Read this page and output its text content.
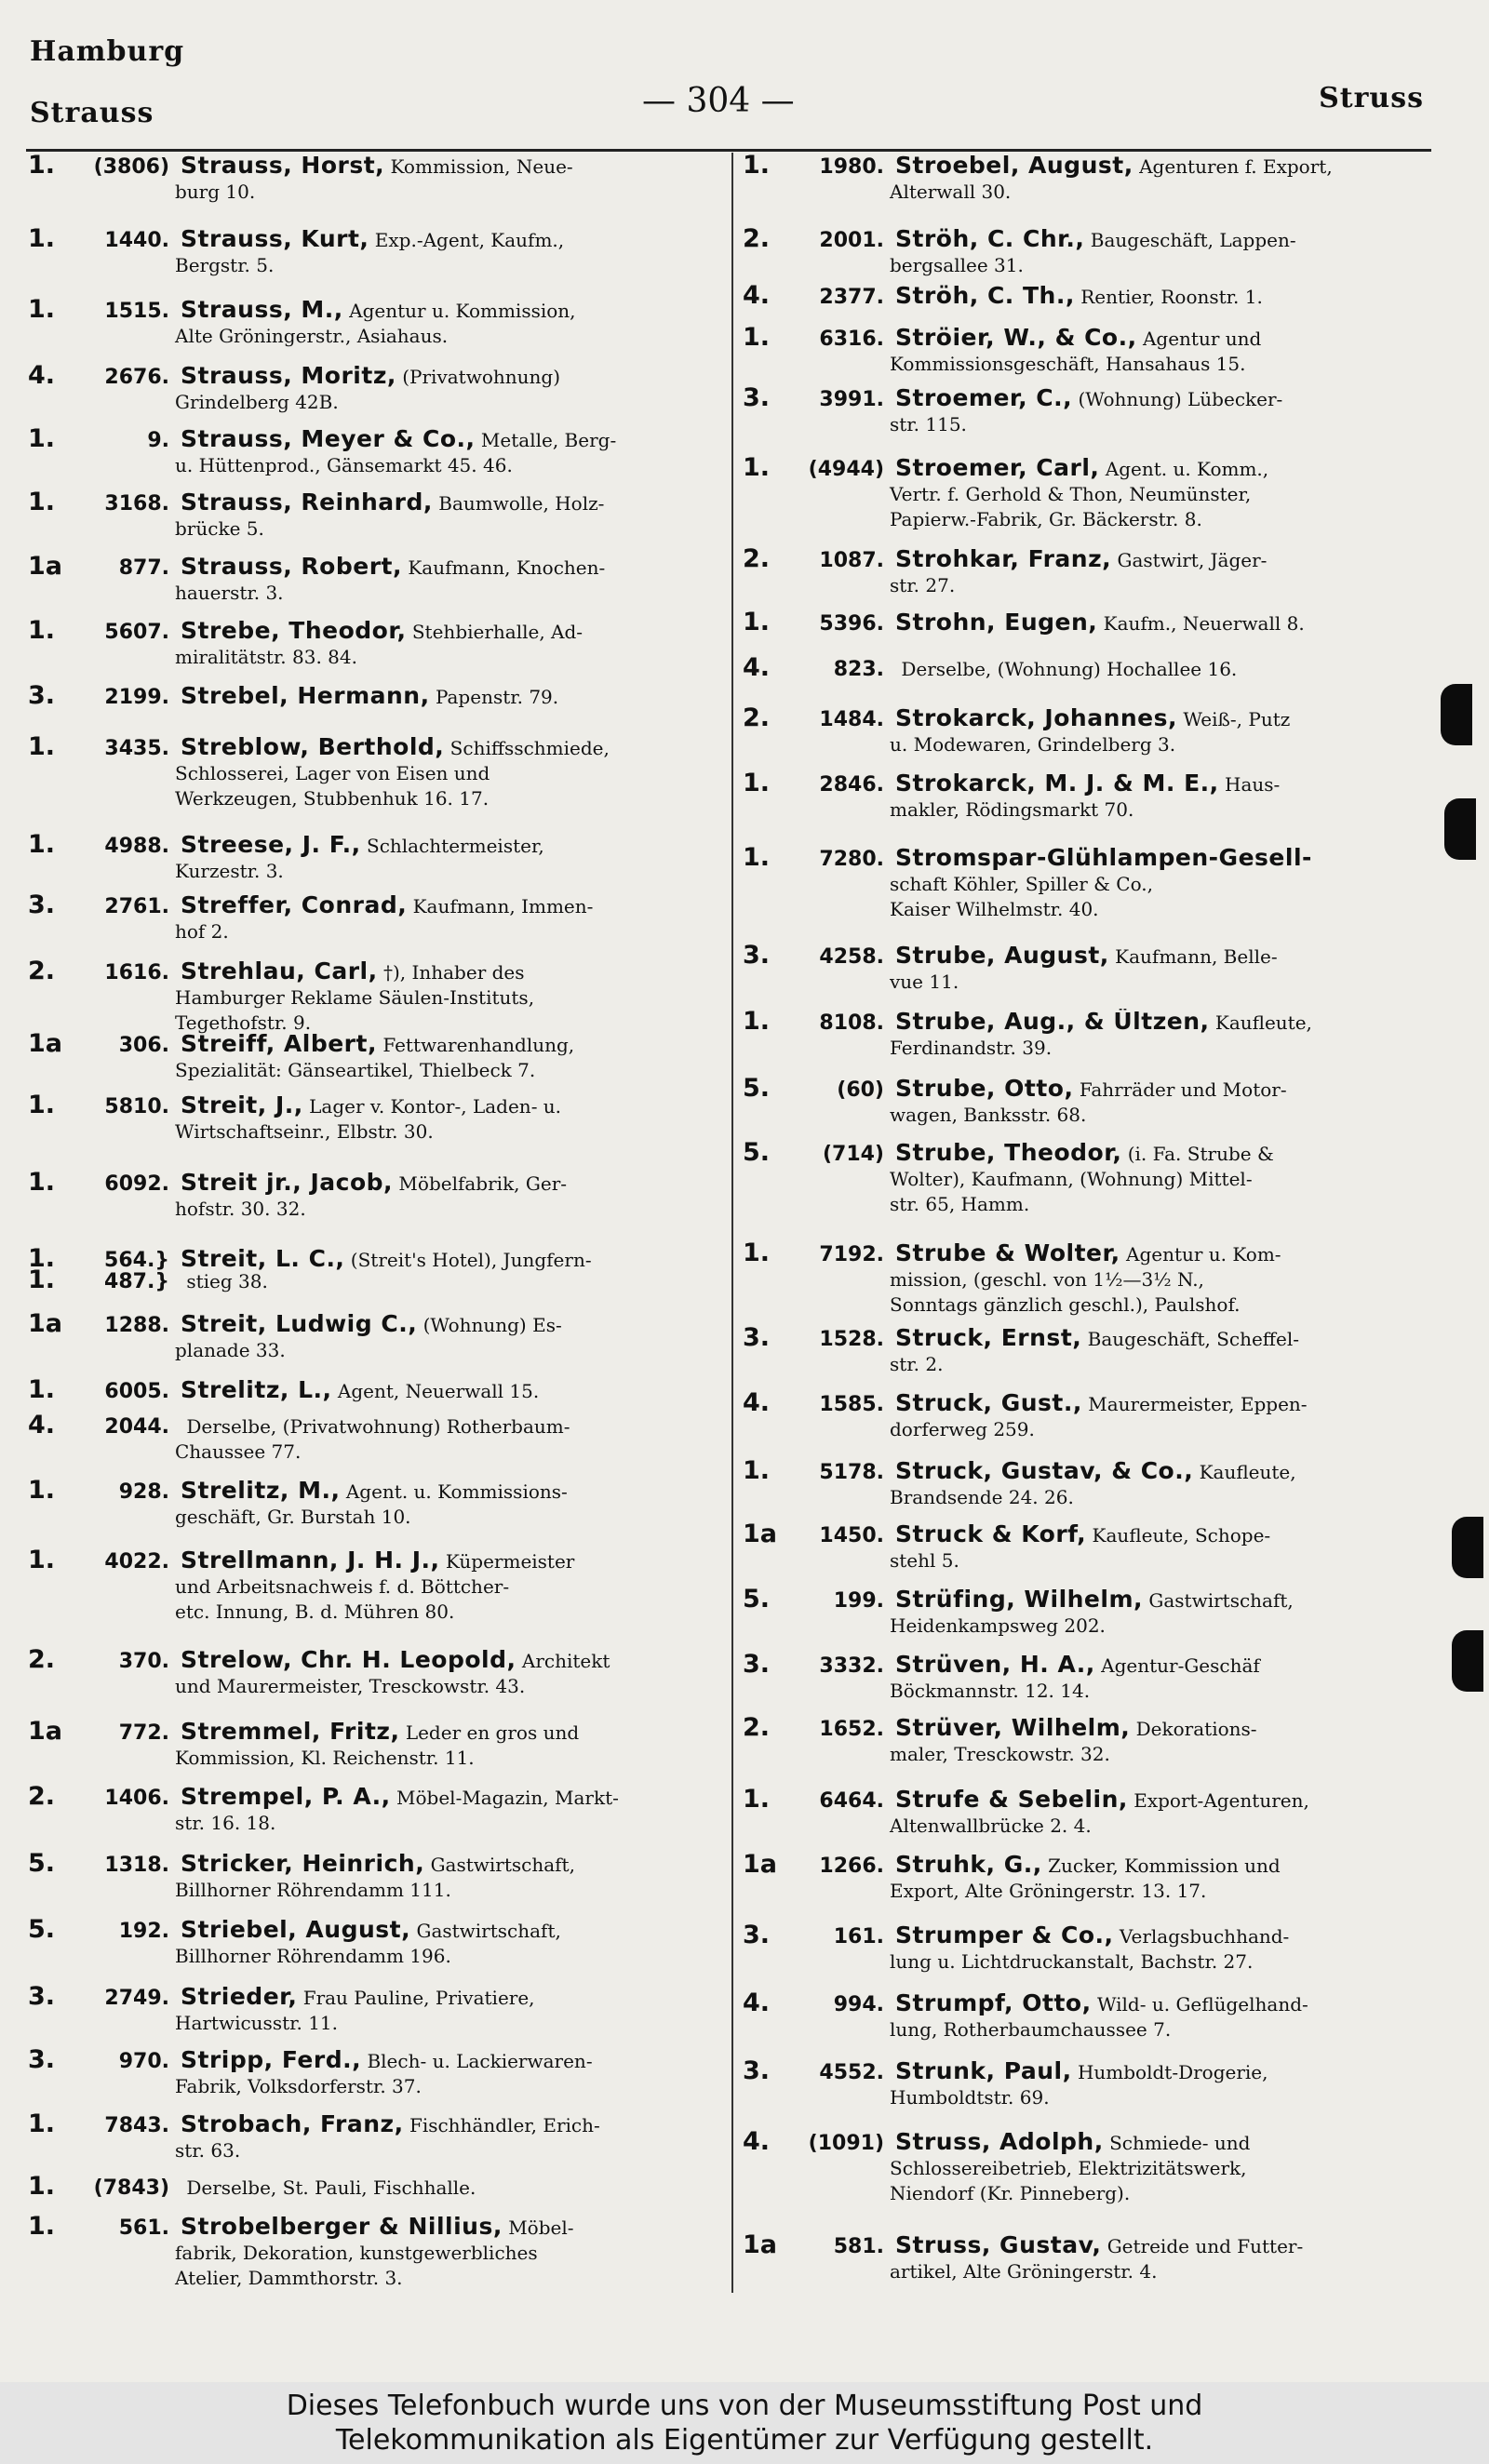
Hamburg
Strauss	— 304 —	Struss
1. (3806) Strauss, Horst, Kommission, Neue-
burg 10.
1. 1440. Strauss, Kurt, Exp.-Agent, Kaufm.,
Bergstr. 5.
1. 1515. Strauss, M., Agentur u. Kommission,
Alte Gröningerstr., Asiahaus.
4. 2676. Strauss, Moritz, (Privatwohnung)
Grindelberg 42B.
1.	9. Strauss, Meyer & Co., Metalle, Berg-
u. Hüttenprod., Gänsemarkt 45. 46.
1. 3168. Strauss, Reinhard, Baumwolle, Holz-
brücke 5.
1a	877. Strauss, Robert, Kaufmann, Knochen-
hauerstr. 3.
1. 5607. Strebe, Theodor, Stehbierhalle, Ad-
miralitätstr. 83. 84.
3. 2199. Strebel, Hermann, Papenstr. 79.
1. 3435. Streblow, Berthold, Schiffsschmiede,
Schlosserei, Lager von Eisen und
Werkzeugen, Stubbenhuk 16. 17.
1. 4988. Streese, J. F., Schlachtermeister,
Kurzestr. 3.
3. 2761. Streffer, Conrad, Kaufmann, Immen-
hof 2.
2. 1616. Strehlau, Carl, †), Inhaber des
Hamburger Reklame Säulen-Instituts,
Tegethofstr. 9.
1a	306. Streiff, Albert, Fettwarenhandlung,
Spezialität: Gänseartikel, Thielbeck 7.
1. 5810. Streit, J., Lager v. Kontor-, Laden- u.
Wirtschaftseinr., Elbstr. 30.
1. 6092. Streit jr., Jacob, Möbelfabrik, Ger-
hofstr. 30. 32.
1. 564.} Streit, L. C., (Streit's Hotel), Jungfern-
1. 487.} stieg 38.
1a 1288. Streit, Ludwig C., (Wohnung) Es-
planade 33.
1. 6005. Strelitz, L., Agent, Neuerwall 15.
4. 2044. Derselbe, (Privatwohnung) Rotherbaum-
Chaussee 77.
1.	928. Strelitz, M., Agent. u. Kommissions-
geschäft, Gr. Burstah 10.
1. 4022. Strellmann, J. H. J., Küpermeister
und Arbeitsnachweis f. d. Böttcher-
etc. Innung, B. d. Mühren 80.
2.	370. Strelow, Chr. H. Leopold, Architekt
und Maurermeister, Tresckowstr. 43.
1a	772. Stremmel, Fritz, Leder en gros und
Kommission, Kl. Reichenstr. 11.
2. 1406. Strempel, P. A., Möbel-Magazin, Markt-
str. 16. 18.
5. 1318. Stricker, Heinrich, Gastwirtschaft,
Billhorner Röhrendamm 111.
5.	192. Striebel, August, Gastwirtschaft,
Billhorner Röhrendamm 196.
3. 2749. Strieder, Frau Pauline, Privatiere,
Hartwicusstr. 11.
3.	970. Stripp, Ferd., Blech- u. Lackierwaren-
Fabrik, Volksdorferstr. 37.
1. 7843. Strobach, Franz, Fischhändler, Erich-
str. 63.
1. (7843) Derselbe, St. Pauli, Fischhalle.
1.	561. Strobelberger & Nillius, Möbel-
fabrik, Dekoration, kunstgewerbliches
Atelier, Dammthorstr. 3.
1. 1980. Stroebel, August, Agenturen f. Export,
Alterwall 30.
2. 2001. Ströh, C. Chr., Baugeschäft, Lappen-
bergsallee 31.
4. 2377. Ströh, C. Th., Rentier, Roonstr. 1.
1. 6316. Ströier, W., & Co., Agentur und
Kommissionsgeschäft, Hansahaus 15.
3. 3991. Stroemer, C., (Wohnung) Lübecker-
str. 115.
1. (4944) Stroemer, Carl, Agent. u. Komm.,
Vertr. f. Gerhold & Thon, Neumünster,
Papierw.-Fabrik, Gr. Bäckerstr. 8.
2. 1087. Strohkar, Franz, Gastwirt, Jäger-
str. 27.
1. 5396. Strohn, Eugen, Kaufm., Neuerwall 8.
4.	823. Derselbe, (Wohnung) Hochallee 16.
2. 1484. Strokarck, Johannes, Weiß-, Putz
u. Modewaren, Grindelberg 3.
1. 2846. Strokarck, M. J. & M. E., Haus-
makler, Rödingsmarkt 70.
1. 7280. Stromspar-Glühlampen-Gesell-
schaft Köhler, Spiller & Co.,
Kaiser Wilhelmstr. 40.
3. 4258. Strube, August, Kaufmann, Belle-
vue 11.
1. 8108. Strube, Aug., & Ültzen, Kaufleute,
Ferdinandstr. 39.
5.	(60) Strube, Otto, Fahrräder und Motor-
wagen, Banksstr. 68.
5.	(714) Strube, Theodor, (i. Fa. Strube &
Wolter), Kaufmann, (Wohnung) Mittel-
str. 65, Hamm.
1. 7192. Strube & Wolter, Agentur u. Kom-
mission, (geschl. von 1½—3½ N.,
Sonntags gänzlich geschl.), Paulshof.
3. 1528. Struck, Ernst, Baugeschäft, Scheffel-
str. 2.
4. 1585. Struck, Gust., Maurermeister, Eppen-
dorferweg 259.
1. 5178. Struck, Gustav, & Co., Kaufleute,
Brandsende 24. 26.
1a 1450. Struck & Korf, Kaufleute, Schope-
stehl 5.
5.	199. Strüfing, Wilhelm, Gastwirtschaft,
Heidenkampsweg 202.
3. 3332. Strüven, H. A., Agentur-Geschäf
Böckmannstr. 12. 14.
2. 1652. Strüver, Wilhelm, Dekorations-
maler, Tresckowstr. 32.
1. 6464. Strufe & Sebelin, Export-Agenturen,
Altenwallbrücke 2. 4.
1a 1266. Struhk, G., Zucker, Kommission und
Export, Alte Gröningerstr. 13. 17.
3.	161. Strumper & Co., Verlagsbuchhand-
lung u. Lichtdruckanstalt, Bachstr. 27.
4.	994. Strumpf, Otto, Wild- u. Geflügelhand-
lung, Rotherbaumchaussee 7.
3. 4552. Strunk, Paul, Humboldt-Drogerie,
Humboldtstr. 69.
4. (1091) Struss, Adolph, Schmiede- und
Schlossereibetrieb, Elektrizitätswerk,
Niendorf (Kr. Pinneberg).
1a	581. Struss, Gustav, Getreide und Futter-
artikel, Alte Gröningerstr. 4.
Dieses Telefonbuch wurde uns von der Museumsstiftung Post und
Telekommunikation als Eigentümer zur Verfügung gestellt.
